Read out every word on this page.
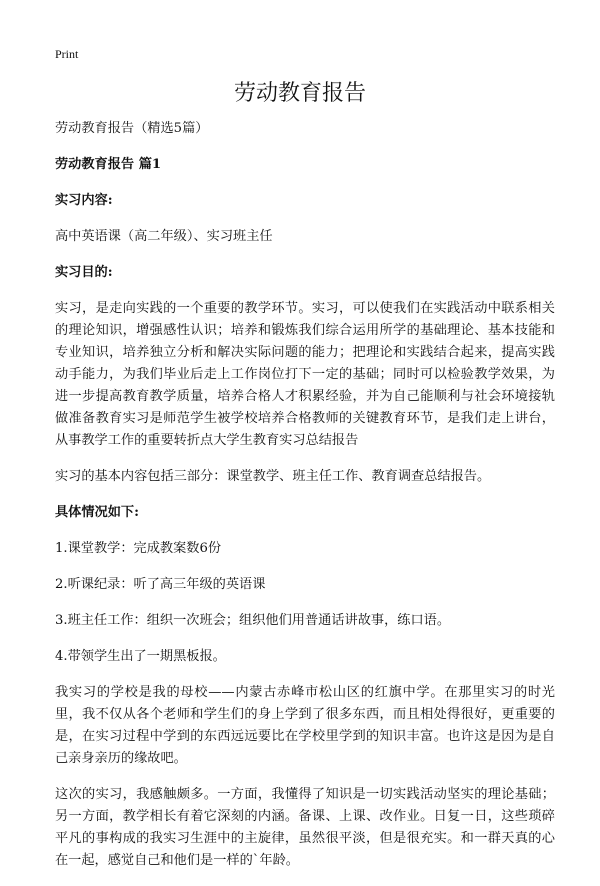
Print
劳动教育报告

劳动教育报告（精选5篇）

劳动教育报告 篇1

实习内容:

高中英语课（高二年级）、实习班主任

实习目的:

实习，是走向实践的一个重要的教学环节。实习，可以使我们在实践活动中联系相关的理论知识，增强感性认识；培养和锻炼我们综合运用所学的基础理论、基本技能和专业知识，培养独立分析和解决实际问题的能力；把理论和实践结合起来，提高实践动手能力，为我们毕业后走上工作岗位打下一定的基础；同时可以检验教学效果，为进一步提高教育教学质量，培养合格人才积累经验，并为自己能顺利与社会环境接轨做准备教育实习是师范学生被学校培养合格教师的关键教育环节，是我们走上讲台，从事教学工作的重要转折点大学生教育实习总结报告

实习的基本内容包括三部分：课堂教学、班主任工作、教育调查总结报告。

具体情况如下:

1.课堂教学：完成教案数6份

2.听课纪录：听了高三年级的英语课

3.班主任工作：组织一次班会；组织他们用普通话讲故事，练口语。

4.带领学生出了一期黑板报。

我实习的学校是我的母校——内蒙古赤峰市松山区的红旗中学。在那里实习的时光里，我不仅从各个老师和学生们的身上学到了很多东西，而且相处得很好，更重要的是，在实习过程中学到的东西远远要比在学校里学到的知识丰富。也许这是因为是自己亲身亲历的缘故吧。

这次的实习，我感触颇多。一方面，我懂得了知识是一切实践活动坚实的理论基础；另一方面，教学相长有着它深刻的内涵。备课、上课、改作业。日复一日，这些琐碎平凡的事构成的我实习生涯中的主旋律，虽然很平淡，但是很充实。和一群天真的心在一起，感觉自己和他们是一样的`年龄。
